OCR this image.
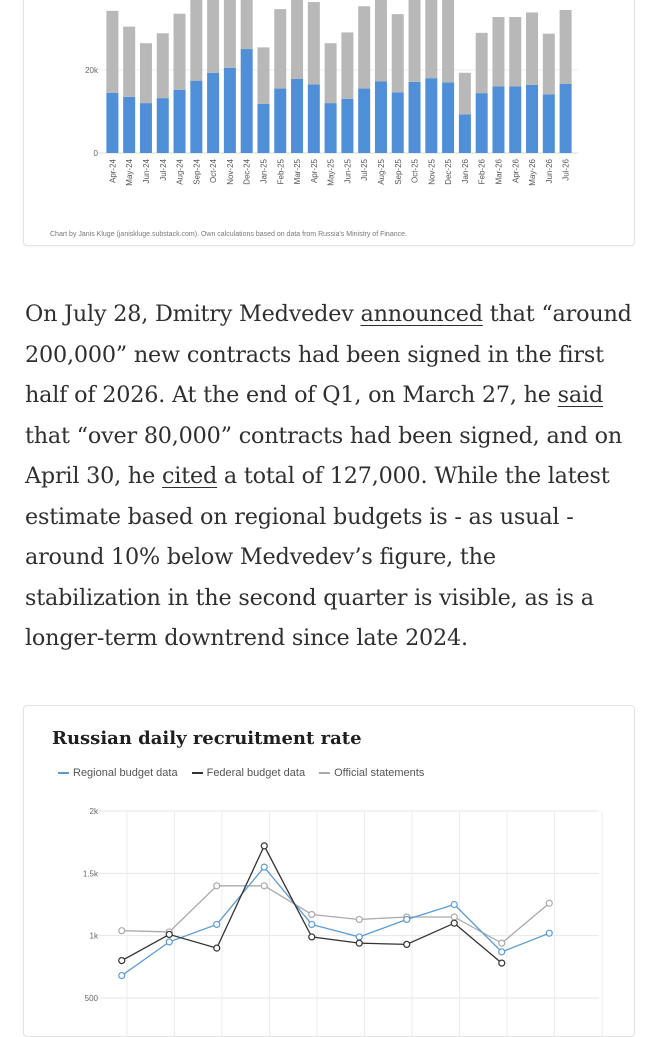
0
20k
Apr-24 May-24 Jun-24 Jul-24 Aug-24 Sep-24 Oct-24 Nov-24 Dec-24 Jan-25 Feb-25 Mar-25 Apr-25 May-25 Jun-25 Jul-25 Aug-25 Sep-25 Oct-25 Nov-25 Dec-25 Jan-26 Feb-26 Mar-26 Apr-26 May-26 Jun-26 Jul-26
Chart by Janis Kluge (janiskluge.substack.com). Own calculations based on data from Russia's Ministry of Finance.

On July 28, Dmitry Medvedev announced that “around 200,000” new contracts had been signed in the first half of 2026. At the end of Q1, on March 27, he said that “over 80,000” contracts had been signed, and on April 30, he cited a total of 127,000. While the latest estimate based on regional budgets is - as usual - around 10% below Medvedev’s figure, the stabilization in the second quarter is visible, as is a longer-term downtrend since late 2024.

Russian daily recruitment rate
Regional budget data	Federal budget data	Official statements
500
1k
1.5k
2k
